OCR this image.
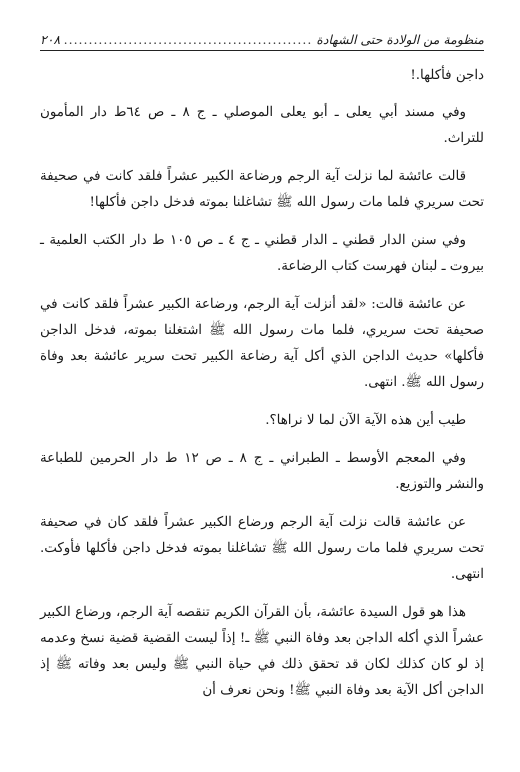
منظومة من الولادة حتى الشهادة
.....
٢٠٨

داجن فأكلها.!

وفي مسند أبي يعلى ـ أبو يعلى الموصلي ـ ج ٨ ـ ص ٦٤ط دار المأمون للتراث.

قالت عائشة لما نزلت آية الرجم ورضاعة الكبير عشراً فلقد كانت في صحيفة تحت سريري فلما مات رسول الله ﷺ تشاغلنا بموته فدخل داجن فأكلها!

وفي سنن الدار قطني ـ الدار قطني ـ ج ٤ ـ ص ١٠٥ ط دار الكتب العلمية ـ بيروت ـ لبنان فهرست كتاب الرضاعة.

عن عائشة قالت: «لقد أنزلت آية الرجم، ورضاعة الكبير عشراً فلقد كانت في صحيفة تحت سريري، فلما مات رسول الله ﷺ اشتغلنا بموته، فدخل الداجن فأكلها» حديث الداجن الذي أكل آية رضاعة الكبير تحت سرير عائشة بعد وفاة رسول الله ﷺ. انتهى.

طيب أين هذه الآية الآن لما لا نراها؟.

وفي المعجم الأوسط ـ الطبراني ـ ج ٨ ـ ص ١٢ ط دار الحرمين للطباعة والنشر والتوزيع.

عن عائشة قالت نزلت آية الرجم ورضاع الكبير عشراً فلقد كان في صحيفة تحت سريري فلما مات رسول الله ﷺ تشاغلنا بموته فدخل داجن فأكلها فأوكت. انتهى.

هذا هو قول السيدة عائشة، بأن القرآن الكريم تنقصه آية الرجم، ورضاع الكبير عشراً الذي أكله الداجن بعد وفاة النبي ﷺ ـ! إذاً ليست القضية قضية نسخ وعدمه إذ لو كان كذلك لكان قد تحقق ذلك في حياة النبي ﷺ وليس بعد وفاته ﷺ إذ الداجن أكل الآية بعد وفاة النبي ﷺ! ونحن نعرف أن
